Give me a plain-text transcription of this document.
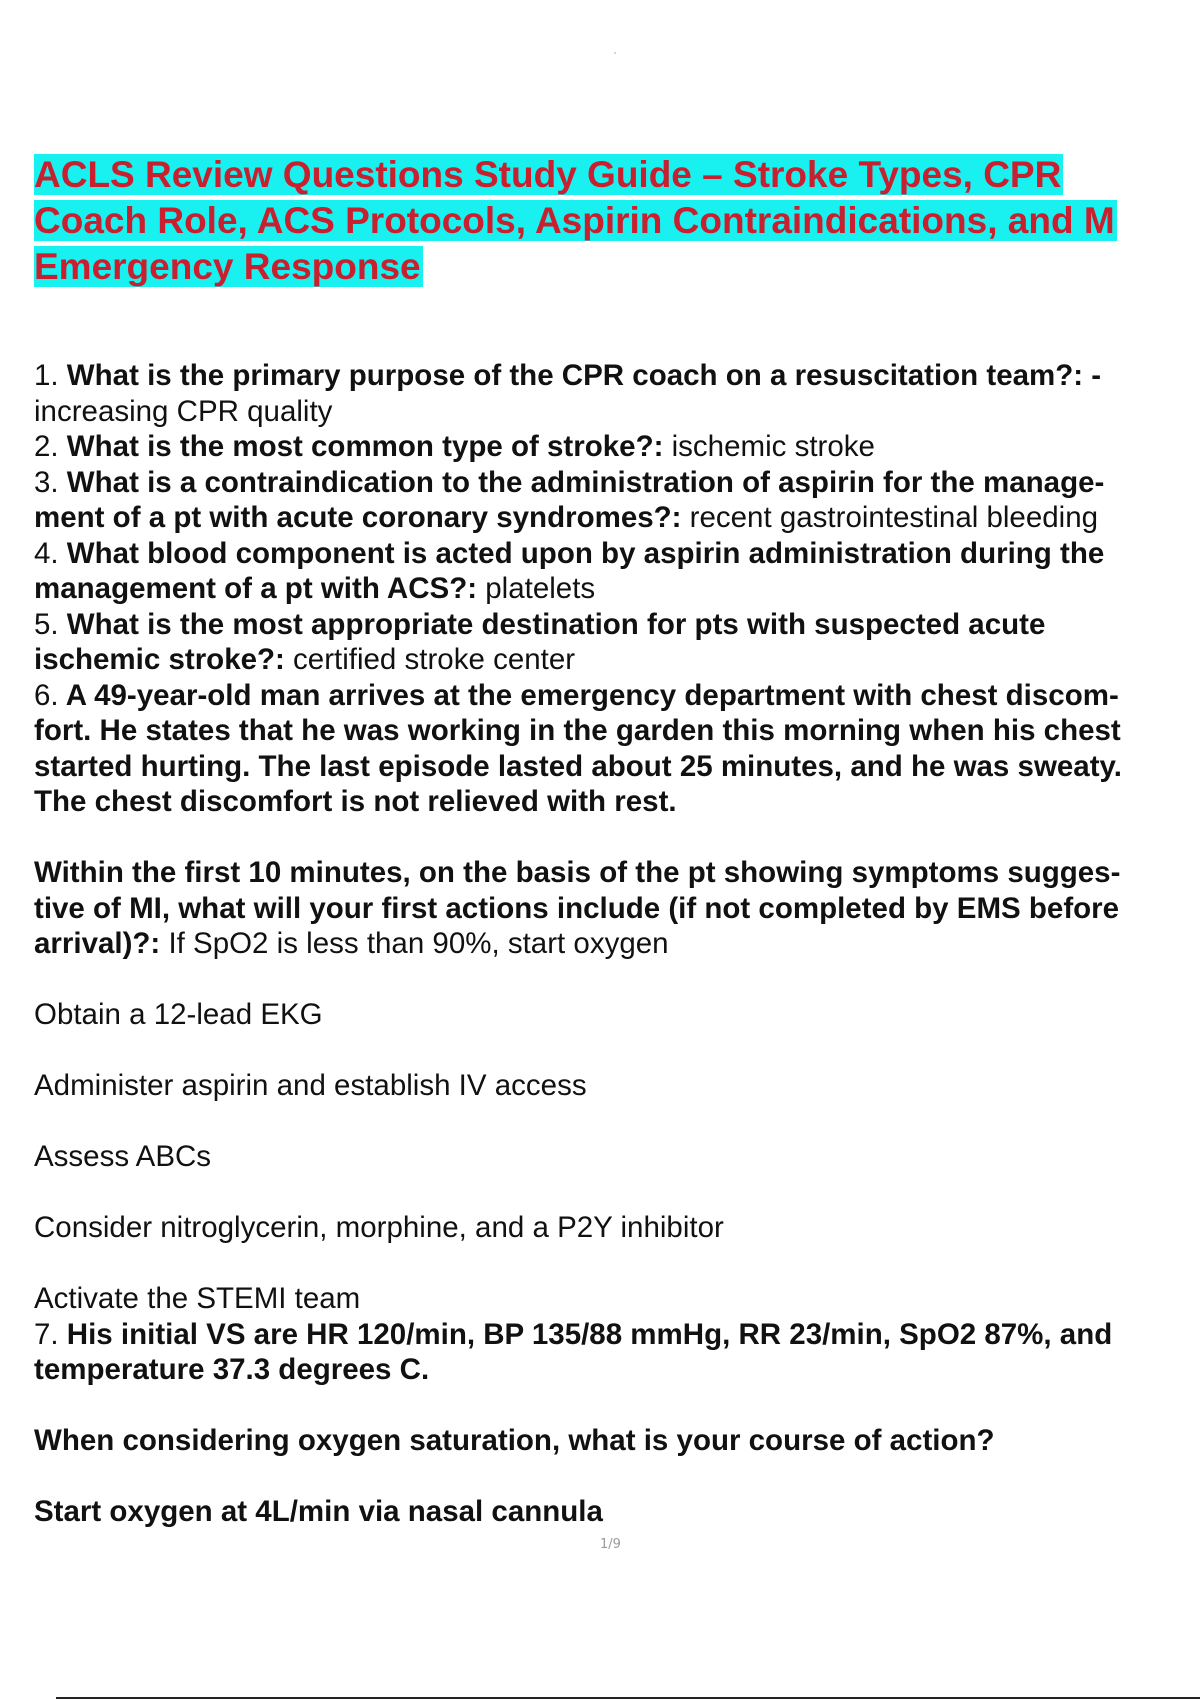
ACLS Review Questions Study Guide – Stroke Types, CPR
Coach Role, ACS Protocols, Aspirin Contraindications, and M
Emergency Response
1. What is the primary purpose of the CPR coach on a resuscitation team?: -
increasing CPR quality
2. What is the most common type of stroke?: ischemic stroke
3. What is a contraindication to the administration of aspirin for the manage-
ment of a pt with acute coronary syndromes?: recent gastrointestinal bleeding
4. What blood component is acted upon by aspirin administration during the
management of a pt with ACS?: platelets
5. What is the most appropriate destination for pts with suspected acute
ischemic stroke?: certified stroke center
6. A 49-year-old man arrives at the emergency department with chest discom-
fort. He states that he was working in the garden this morning when his chest
started hurting. The last episode lasted about 25 minutes, and he was sweaty.
The chest discomfort is not relieved with rest.
Within the first 10 minutes, on the basis of the pt showing symptoms sugges-
tive of MI, what will your first actions include (if not completed by EMS before
arrival)?: If SpO2 is less than 90%, start oxygen
Obtain a 12-lead EKG
Administer aspirin and establish IV access
Assess ABCs
Consider nitroglycerin, morphine, and a P2Y inhibitor
Activate the STEMI team
7. His initial VS are HR 120/min, BP 135/88 mmHg, RR 23/min, SpO2 87%, and
temperature 37.3 degrees C.
When considering oxygen saturation, what is your course of action?
Start oxygen at 4L/min via nasal cannula
1/9
